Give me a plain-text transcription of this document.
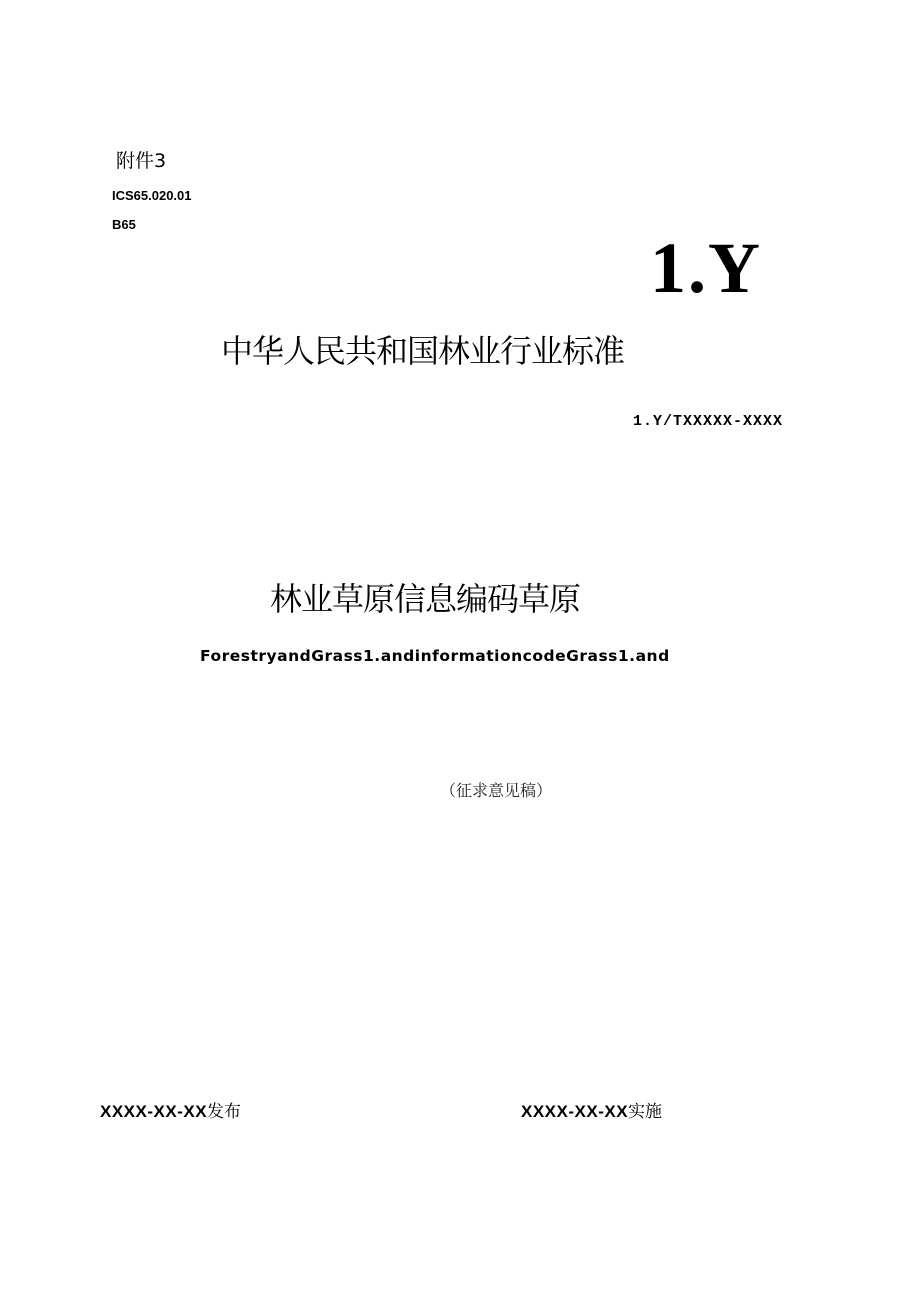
附件3
ICS65.020.01
B65
1.Y
中华人民共和国林业行业标准
1.Y/TXXXXX-XXXX
林业草原信息编码草原
ForestryandGrass1.andinformationcodeGrass1.and
（征求意见稿）
XXXX-XX-XX发布	XXXX-XX-XX实施
